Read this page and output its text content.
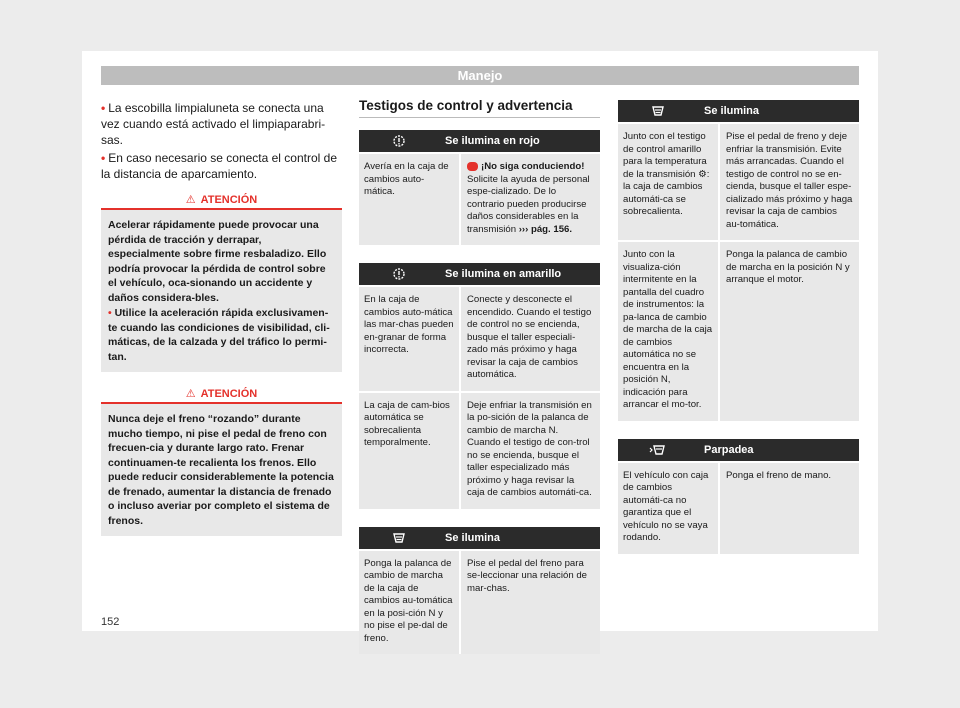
Manejo

• La escobilla limpialuneta se conecta una vez cuando está activado el limpiaparabri-sas.

• En caso necesario se conecta el control de la distancia de aparcamiento.

⚠ ATENCIÓN

Acelerar rápidamente puede provocar una pérdida de tracción y derrapar, especialmente sobre firme resbaladizo. Ello podría provocar la pérdida de control sobre el vehículo, oca-sionando un accidente y daños considera-bles.

• Utilice la aceleración rápida exclusivamen-te cuando las condiciones de visibilidad, cli-máticas, de la calzada y del tráfico lo permi-tan.

⚠ ATENCIÓN

Nunca deje el freno “rozando” durante mucho tiempo, ni pise el pedal de freno con frecuen-cia y durante largo rato. Frenar continuamen-te recalienta los frenos. Ello puede reducir considerablemente la potencia de frenado, aumentar la distancia de frenado o incluso averiar por completo el sistema de frenos.

Testigos de control y advertencia
Se ilumina en rojo
Avería en la caja de cambios auto-mática.
¡No siga conduciendo!
Solicite la ayuda de personal espe-cializado. De lo contrario pueden producirse daños considerables en la transmisión ››› pág. 156.
Se ilumina en amarillo
En la caja de cambios auto-mática las mar-chas pueden en-granar de forma incorrecta.
Conecte y desconecte el encendido. Cuando el testigo de control no se encienda, busque el taller especiali-zado más próximo y haga revisar la caja de cambios automática.
La caja de cam-bios automática se sobrecalienta temporalmente.
Deje enfriar la transmisión en la po-sición de la palanca de cambio de marcha N. Cuando el testigo de con-trol no se encienda, busque el taller especializado más próximo y haga revisar la caja de cambios automáti-ca.
Se ilumina
Ponga la palanca de cambio de marcha de la caja de cambios au-tomática en la posi-ción N y no pise el pe-dal de freno.
Pise el pedal del freno para se-leccionar una relación de mar-chas.
Se ilumina
Junto con el testigo de control amarillo para la temperatura de la transmisión ⚙: la caja de cambios automáti-ca se sobrecalienta.
Pise el pedal de freno y deje enfriar la transmisión. Evite más arrancadas. Cuando el testigo de control no se en-cienda, busque el taller espe-cializado más próximo y haga revisar la caja de cambios au-tomática.
Junto con la visualiza-ción intermitente en la pantalla del cuadro de instrumentos: la pa-lanca de cambio de marcha de la caja de cambios automática no se encuentra en la posición N, indicación para arrancar el mo-tor.
Ponga la palanca de cambio de marcha en la posición N y arranque el motor.
Parpadea
El vehículo con caja de cambios automáti-ca no garantiza que el vehículo no se vaya rodando.
Ponga el freno de mano.
152
